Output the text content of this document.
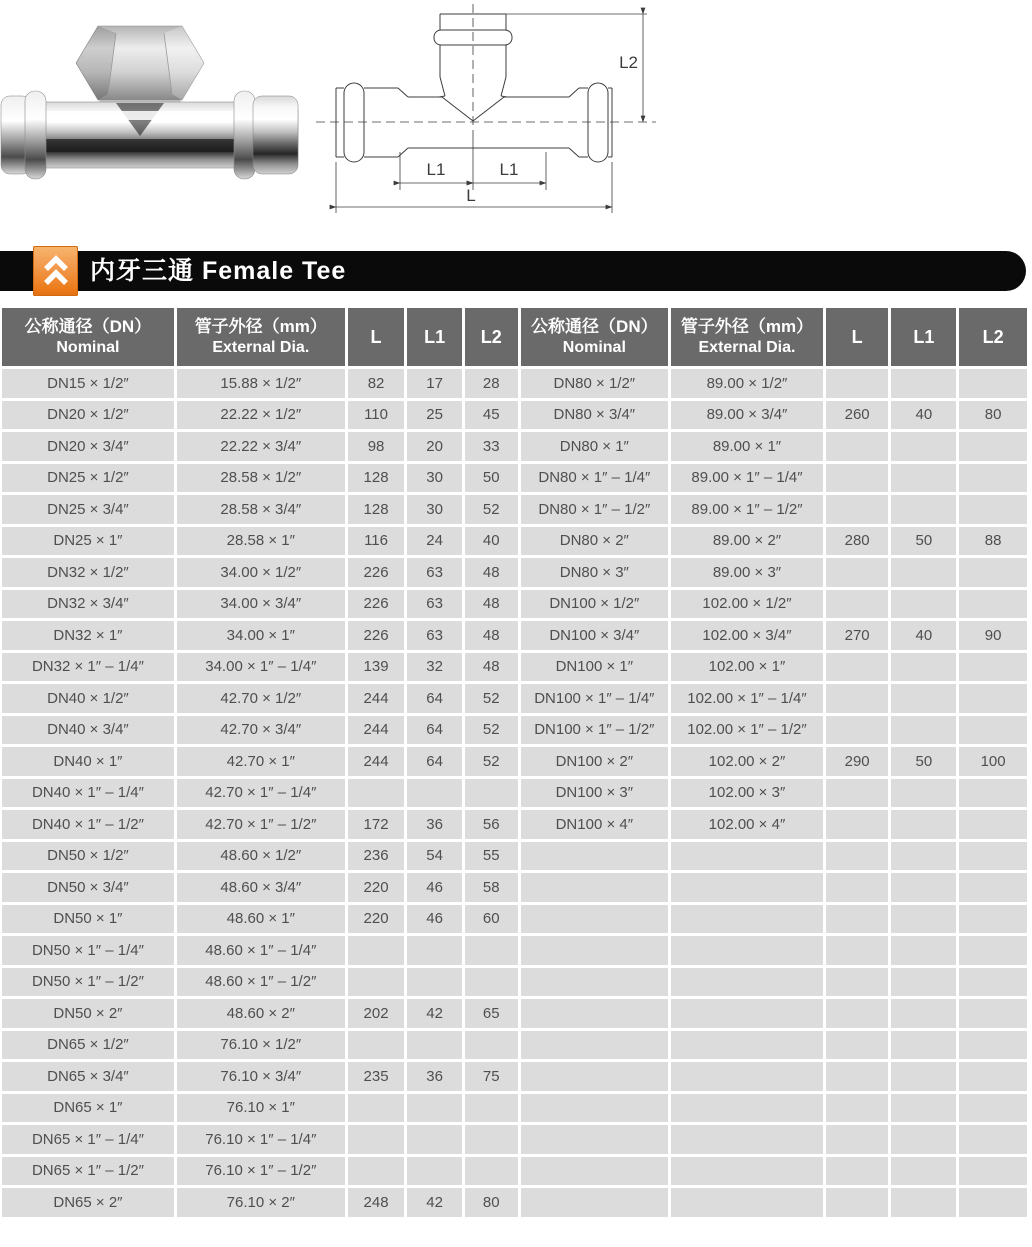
L2
L1	L1
L
内牙三通 Female Tee
公称通径（DN）
Nominal

管子外径（mm）
External Dia.
	L	L1	L2	公称通径（DN）
Nominal

管子外径（mm）
External Dia.
	L	L1	L2
DN15 × 1/2″	15.88 × 1/2″	82	17	28	DN80 × 1/2″	89.00 × 1/2″			
DN20 × 1/2″	22.22 × 1/2″	110	25	45	DN80 × 3/4″	89.00 × 3/4″	260	40	80
DN20 × 3/4″	22.22 × 3/4″	98	20	33	DN80 × 1″	89.00 × 1″			
DN25 × 1/2″	28.58 × 1/2″	128	30	50	DN80 × 1″ – 1/4″	89.00 × 1″ – 1/4″			
DN25 × 3/4″	28.58 × 3/4″	128	30	52	DN80 × 1″ – 1/2″	89.00 × 1″ – 1/2″			
DN25 × 1″	28.58 × 1″	116	24	40	DN80 × 2″	89.00 × 2″	280	50	88
DN32 × 1/2″	34.00 × 1/2″	226	63	48	DN80 × 3″	89.00 × 3″			
DN32 × 3/4″	34.00 × 3/4″	226	63	48	DN100 × 1/2″	102.00 × 1/2″			
DN32 × 1″	34.00 × 1″	226	63	48	DN100 × 3/4″	102.00 × 3/4″	270	40	90
DN32 × 1″ – 1/4″	34.00 × 1″ – 1/4″	139	32	48	DN100 × 1″	102.00 × 1″			
DN40 × 1/2″	42.70 × 1/2″	244	64	52	DN100 × 1″ – 1/4″	102.00 × 1″ – 1/4″			
DN40 × 3/4″	42.70 × 3/4″	244	64	52	DN100 × 1″ – 1/2″	102.00 × 1″ – 1/2″			
DN40 × 1″	42.70 × 1″	244	64	52	DN100 × 2″	102.00 × 2″	290	50	100
DN40 × 1″ – 1/4″	42.70 × 1″ – 1/4″				DN100 × 3″	102.00 × 3″			
DN40 × 1″ – 1/2″	42.70 × 1″ – 1/2″	172	36	56	DN100 × 4″	102.00 × 4″			
DN50 × 1/2″	48.60 × 1/2″	236	54	55					
DN50 × 3/4″	48.60 × 3/4″	220	46	58					
DN50 × 1″	48.60 × 1″	220	46	60					
DN50 × 1″ – 1/4″	48.60 × 1″ – 1/4″								
DN50 × 1″ – 1/2″	48.60 × 1″ – 1/2″								
DN50 × 2″	48.60 × 2″	202	42	65					
DN65 × 1/2″	76.10 × 1/2″								
DN65 × 3/4″	76.10 × 3/4″	235	36	75					
DN65 × 1″	76.10 × 1″								
DN65 × 1″ – 1/4″	76.10 × 1″ – 1/4″								
DN65 × 1″ – 1/2″	76.10 × 1″ – 1/2″								
DN65 × 2″	76.10 × 2″	248	42	80					
